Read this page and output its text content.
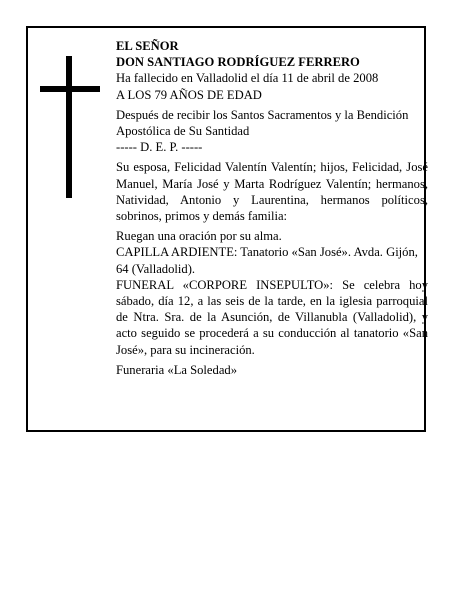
EL SEÑOR

DON SANTIAGO RODRÍGUEZ FERRERO

Ha fallecido en Valladolid el día 11 de abril de 2008

A LOS 79 AÑOS DE EDAD

Después de recibir los Santos Sacramentos y la Bendición Apostólica de Su Santidad

----- D. E. P. -----

Su esposa, Felicidad Valentín Valentín; hijos, Felicidad, José Manuel, María José y Marta Rodríguez Valentín; hermanos, Natividad, Antonio y Laurentina, hermanos políticos, sobrinos, primos y demás familia:

Ruegan una oración por su alma.

CAPILLA ARDIENTE: Tanatorio «San José». Avda. Gijón, 64 (Valladolid).

FUNERAL «CORPORE INSEPULTO»: Se celebra hoy sábado, día 12, a las seis de la tarde, en la iglesia parroquial de Ntra. Sra. de la Asunción, de Villanubla (Valladolid), y acto seguido se procederá a su conducción al tanatorio «San José», para su incineración.

Funeraria «La Soledad»
